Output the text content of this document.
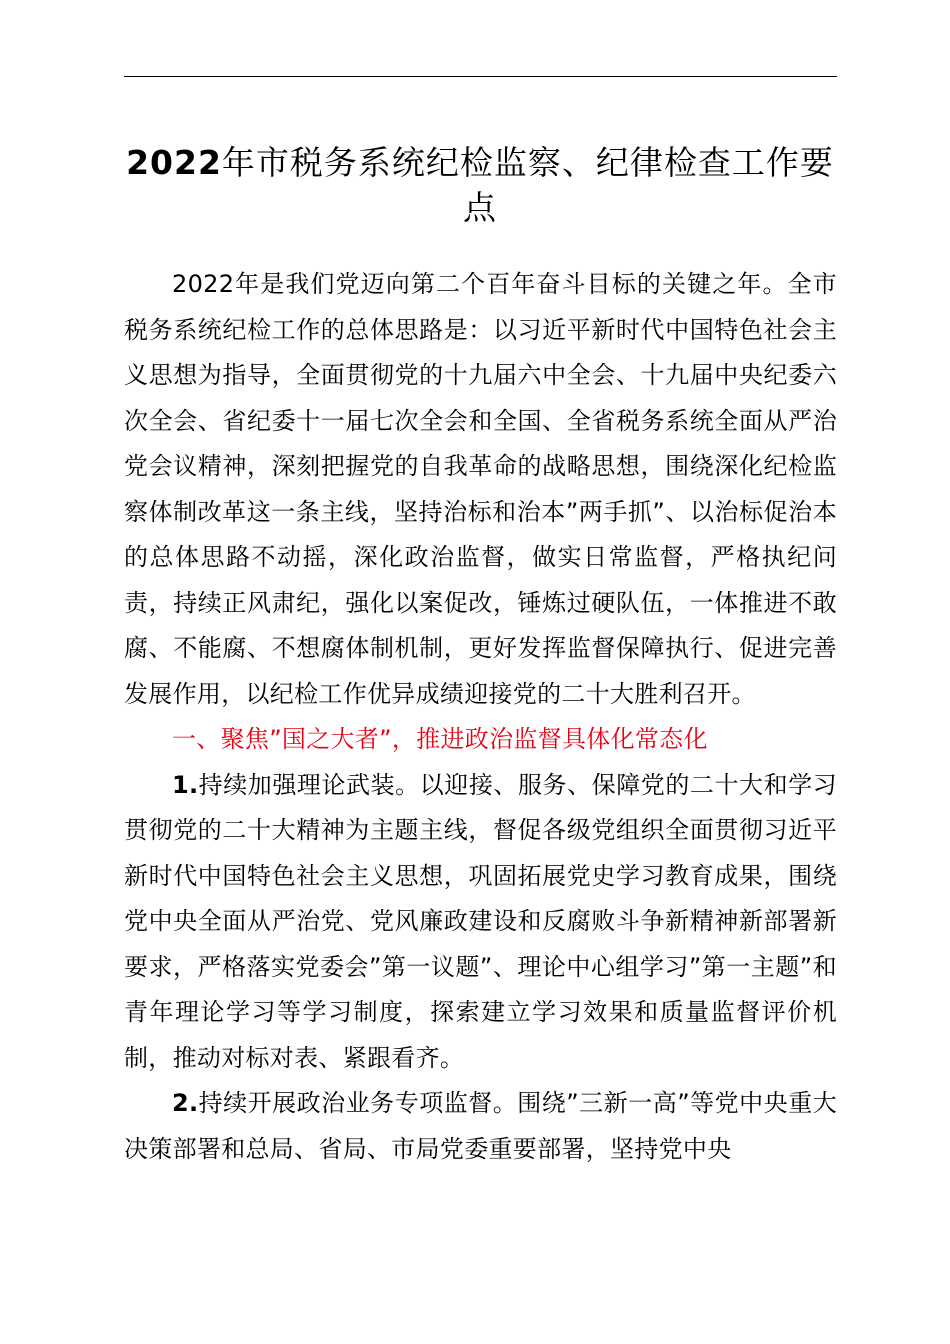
2022年市税务系统纪检监察、纪律检查工作要点

2022年是我们党迈向第二个百年奋斗目标的关键之年。全市税务系统纪检工作的总体思路是：以习近平新时代中国特色社会主义思想为指导，全面贯彻党的十九届六中全会、十九届中央纪委六次全会、省纪委十一届七次全会和全国、全省税务系统全面从严治党会议精神，深刻把握党的自我革命的战略思想，围绕深化纪检监察体制改革这一条主线，坚持治标和治本”两手抓”、以治标促治本的总体思路不动摇，深化政治监督，做实日常监督，严格执纪问责，持续正风肃纪，强化以案促改，锤炼过硬队伍，一体推进不敢腐、不能腐、不想腐体制机制，更好发挥监督保障执行、促进完善发展作用，以纪检工作优异成绩迎接党的二十大胜利召开。

一、聚焦”国之大者”，推进政治监督具体化常态化

1.持续加强理论武装。以迎接、服务、保障党的二十大和学习贯彻党的二十大精神为主题主线，督促各级党组织全面贯彻习近平新时代中国特色社会主义思想，巩固拓展党史学习教育成果，围绕党中央全面从严治党、党风廉政建设和反腐败斗争新精神新部署新要求，严格落实党委会”第一议题”、理论中心组学习”第一主题”和青年理论学习等学习制度，探索建立学习效果和质量监督评价机制，推动对标对表、紧跟看齐。

2.持续开展政治业务专项监督。围绕”三新一高”等党中央重大决策部署和总局、省局、市局党委重要部署，坚持党中央
